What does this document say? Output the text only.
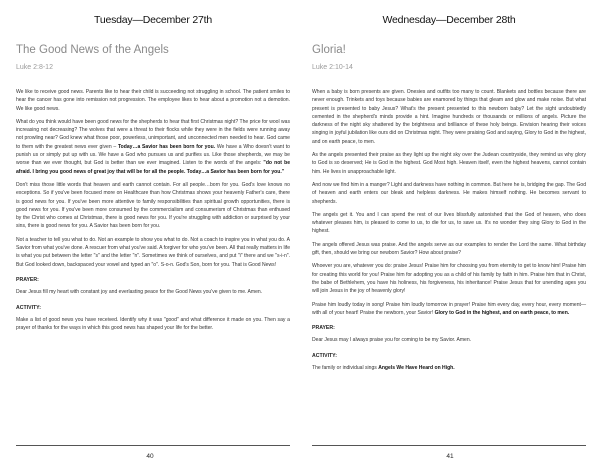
Tuesday—December 27th
The Good News of the Angels
Luke 2:8-12

We like to receive good news. Parents like to hear their child is succeeding not struggling in school. The patient smiles to hear the cancer has gone into remission not progression. The employee likes to hear about a promotion not a demotion. We like good news.

What do you think would have been good news for the shepherds to hear that first Christmas night? The price for wool was increasing not decreasing? The wolves that were a threat to their flocks while they were in the fields were running away not prowling near? God knew what those poor, powerless, unimportant, and unconnected men needed to hear. God came to them with the greatest news ever given – Today…a Savior has been born for you. We have a Who doesn't want to punish us or simply put up with us. We have a God who pursues us and purifies us. Like those shepherds, we may be worse than we ever thought, but God is better than we ever imagined. Listen to the words of the angels: "do not be afraid. I bring you good news of great joy that will be for all the people. Today…a Savior has been born for you."

Don't miss those little words that heaven and earth cannot contain. For all people…born for you. God's love knows no exceptions. So if you've been focused more on Healthcare than how Christmas shows your heavenly Father's care, there is good news for you. If you've been more attentive to family responsibilities than spiritual growth opportunities, there is good news for you. If you've been more consumed by the commercialism and consumerism of Christmas than enthused by the Christ who comes at Christmas, there is good news for you. If you're struggling with addiction or surprised by your sins, there is good news for you. A Savior has been born for you.

Not a teacher to tell you what to do. Not an example to show you what to do. Not a coach to inspire you in what you do. A Savior from what you've done. A rescuer from what you've said. A forgiver for who you've been. All that really matters in life is what you put between the letter "s" and the letter "n". Sometimes we think of ourselves, and put "i" there and we "s-i-n". But God looked down, backspaced your vowel and typed an "o". S-o-n. God's Son, born for you. That is Good News!

PRAYER:

Dear Jesus fill my heart with constant joy and everlasting peace for the Good News you've given to me. Amen.

ACTIVITY:

Make a list of good news you have received. Identify why it was "good" and what difference it made on you. Then say a prayer of thanks for the ways in which this good news has shaped your life for the better.

40
Wednesday—December 28th
Gloria!
Luke 2:10-14

When a baby is born presents are given. Onesies and outfits too many to count. Blankets and bottles because there are never enough. Trinkets and toys because babies are enamored by things that gleam and glow and make noise. But what present is presented to baby Jesus? What's the present presented to this newborn baby? Let the sight undoubtedly cemented in the shepherd's minds provide a hint. Imagine hundreds or thousands or millions of angels. Picture the darkness of the night sky shattered by the brightness and brilliance of these holy beings. Envision hearing their voices singing in joyful jubilation like ours did on Christmas night. They were praising God and saying, Glory to God in the highest, and on earth peace, to men.

As the angels presented their praise as they light up the night sky over the Judean countryside, they remind us why glory to God is so deserved; He is God in the highest. God Most high. Heaven itself, even the highest heavens, cannot contain him. He lives in unapproachable light.

And now we find him in a manger? Light and darkness have nothing in common. But here he is, bridging the gap. The God of heaven and earth enters our bleak and helpless darkness. He makes himself nothing. He becomes servant to shepherds.

The angels get it. You and I can spend the rest of our lives blissfully astonished that the God of heaven, who does whatever pleases him, is pleased to come to us, to die for us, to save us. It's no wonder they sing Glory to God in the highest.

The angels offered Jesus was praise. And the angels serve as our examples to render the Lord the same. What birthday gift, then, should we bring our newborn Savior? How about praise?

Whoever you are, whatever you do: praise Jesus! Praise him for choosing you from eternity to get to know him! Praise him for creating this world for you! Praise him for adopting you as a child of his family by faith in him. Praise him that in Christ, the babe of Bethlehem, you have his holiness, his forgiveness, his inheritance! Praise Jesus that for unending ages you will join Jesus in the joy of heavenly glory!

Praise him loudly today in song! Praise him loudly tomorrow in prayer! Praise him every day, every hour, every moment— with all of your heart! Praise the newborn, your Savior! Glory to God in the highest, and on earth peace, to men.

PRAYER:

Dear Jesus may I always praise you for coming to be my Savior. Amen.

ACTIVITY:

The family or individual sings Angels We Have Heard on High.

41
